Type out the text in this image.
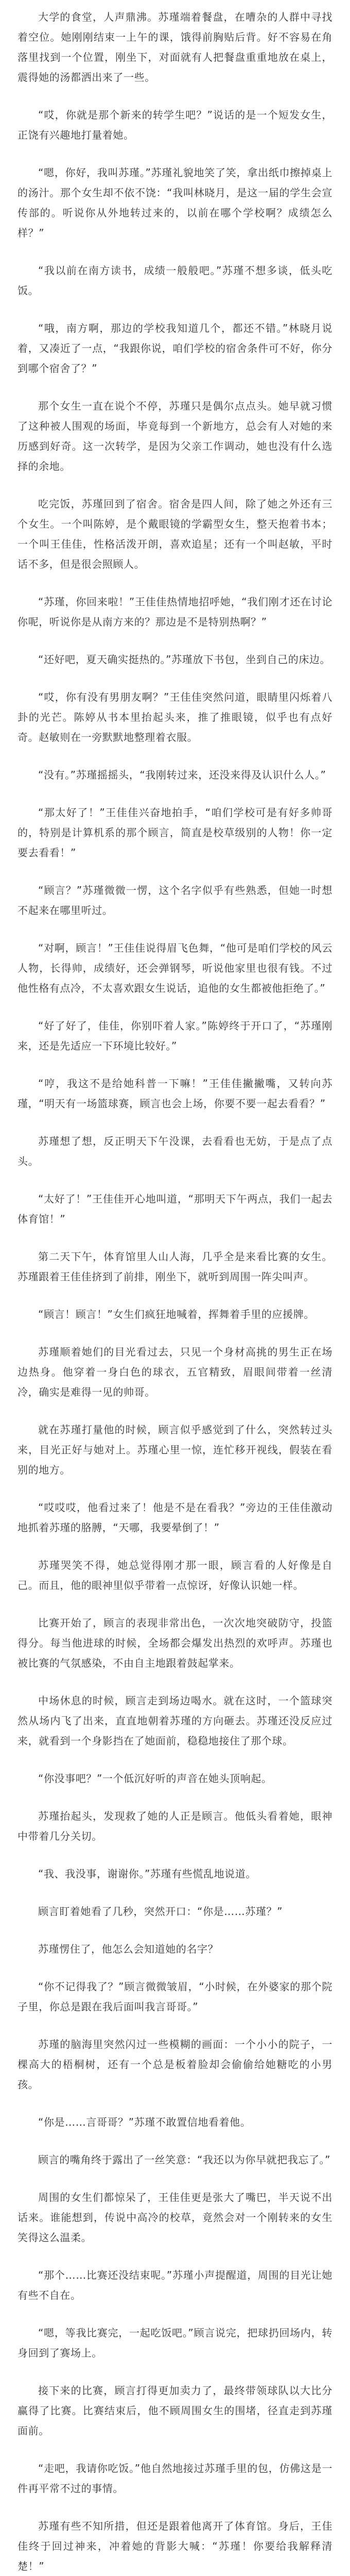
大学的食堂，人声鼎沸。苏瑾端着餐盘，在嘈杂的人群中寻找着空位。她刚刚结束一上午的课，饿得前胸贴后背。好不容易在角落里找到一个位置，刚坐下，对面就有人把餐盘重重地放在桌上，震得她的汤都洒出来了一些。

“哎，你就是那个新来的转学生吧？”说话的是一个短发女生，正饶有兴趣地打量着她。

“嗯，你好，我叫苏瑾。”苏瑾礼貌地笑了笑，拿出纸巾擦掉桌上的汤汁。那个女生却不依不饶：“我叫林晓月，是这一届的学生会宣传部的。听说你从外地转过来的，以前在哪个学校啊？成绩怎么样？”

“我以前在南方读书，成绩一般般吧。”苏瑾不想多谈，低头吃饭。

“哦，南方啊，那边的学校我知道几个，都还不错。”林晓月说着，又凑近了一点，“我跟你说，咱们学校的宿舍条件可不好，你分到哪个宿舍了？”

那个女生一直在说个不停，苏瑾只是偶尔点点头。她早就习惯了这种被人围观的场面，毕竟每到一个新地方，总会有人对她的来历感到好奇。这一次转学，是因为父亲工作调动，她也没有什么选择的余地。

吃完饭，苏瑾回到了宿舍。宿舍是四人间，除了她之外还有三个女生。一个叫陈婷，是个戴眼镜的学霸型女生，整天抱着书本；一个叫王佳佳，性格活泼开朗，喜欢追星；还有一个叫赵敏，平时话不多，但是很会照顾人。

“苏瑾，你回来啦！”王佳佳热情地招呼她，“我们刚才还在讨论你呢，听说你是从南方来的？那边是不是特别热啊？”

“还好吧，夏天确实挺热的。”苏瑾放下书包，坐到自己的床边。

“哎，你有没有男朋友啊？”王佳佳突然问道，眼睛里闪烁着八卦的光芒。陈婷从书本里抬起头来，推了推眼镜，似乎也有点好奇。赵敏则在一旁默默地整理着衣服。

“没有。”苏瑾摇摇头，“我刚转过来，还没来得及认识什么人。”

“那太好了！”王佳佳兴奋地拍手，“咱们学校可是有好多帅哥的，特别是计算机系的那个顾言，简直是校草级别的人物！你一定要去看看！”

“顾言？”苏瑾微微一愣，这个名字似乎有些熟悉，但她一时想不起来在哪里听过。

“对啊，顾言！”王佳佳说得眉飞色舞，“他可是咱们学校的风云人物，长得帅，成绩好，还会弹钢琴，听说他家里也很有钱。不过他性格有点冷，不太喜欢跟女生说话，追他的女生都被他拒绝了。”

“好了好了，佳佳，你别吓着人家。”陈婷终于开口了，“苏瑾刚来，还是先适应一下环境比较好。”

“哼，我这不是给她科普一下嘛！”王佳佳撇撇嘴，又转向苏瑾，“明天有一场篮球赛，顾言也会上场，你要不要一起去看看？”

苏瑾想了想，反正明天下午没课，去看看也无妨，于是点了点头。

“太好了！”王佳佳开心地叫道，“那明天下午两点，我们一起去体育馆！”

第二天下午，体育馆里人山人海，几乎全是来看比赛的女生。苏瑾跟着王佳佳挤到了前排，刚坐下，就听到周围一阵尖叫声。

“顾言！顾言！”女生们疯狂地喊着，挥舞着手里的应援牌。

苏瑾顺着她们的目光看过去，只见一个身材高挑的男生正在场边热身。他穿着一身白色的球衣，五官精致，眉眼间带着一丝清冷，确实是难得一见的帅哥。

就在苏瑾打量他的时候，顾言似乎感觉到了什么，突然转过头来，目光正好与她对上。苏瑾心里一惊，连忙移开视线，假装在看别的地方。

“哎哎哎，他看过来了！他是不是在看我？”旁边的王佳佳激动地抓着苏瑾的胳膊，“天哪，我要晕倒了！”

苏瑾哭笑不得，她总觉得刚才那一眼，顾言看的人好像是自己。而且，他的眼神里似乎带着一点惊讶，好像认识她一样。

比赛开始了，顾言的表现非常出色，一次次地突破防守，投篮得分。每当他进球的时候，全场都会爆发出热烈的欢呼声。苏瑾也被比赛的气氛感染，不由自主地跟着鼓起掌来。

中场休息的时候，顾言走到场边喝水。就在这时，一个篮球突然从场内飞了出来，直直地朝着苏瑾的方向砸去。苏瑾还没反应过来，就看到一个身影挡在了她面前，稳稳地接住了那个球。

“你没事吧？”一个低沉好听的声音在她头顶响起。

苏瑾抬起头，发现救了她的人正是顾言。他低头看着她，眼神中带着几分关切。

“我、我没事，谢谢你。”苏瑾有些慌乱地说道。

顾言盯着她看了几秒，突然开口：“你是……苏瑾？”

苏瑾愣住了，他怎么会知道她的名字？

“你不记得我了？”顾言微微皱眉，“小时候，在外婆家的那个院子里，你总是跟在我后面叫我言哥哥。”

苏瑾的脑海里突然闪过一些模糊的画面：一个小小的院子，一棵高大的梧桐树，还有一个总是板着脸却会偷偷给她糖吃的小男孩。

“你是……言哥哥？”苏瑾不敢置信地看着他。

顾言的嘴角终于露出了一丝笑意：“我还以为你早就把我忘了。”

周围的女生们都惊呆了，王佳佳更是张大了嘴巴，半天说不出话来。谁能想到，传说中高冷的校草，竟然会对一个刚转来的女生笑得这么温柔。

“那个……比赛还没结束呢。”苏瑾小声提醒道，周围的目光让她有些不自在。

“嗯，等我比赛完，一起吃饭吧。”顾言说完，把球扔回场内，转身回到了赛场上。

接下来的比赛，顾言打得更加卖力了，最终带领球队以大比分赢得了比赛。比赛结束后，他不顾周围女生的围堵，径直走到苏瑾面前。

“走吧，我请你吃饭。”他自然地接过苏瑾手里的包，仿佛这是一件再平常不过的事情。

苏瑾有些不知所措，但还是跟着他离开了体育馆。身后，王佳佳终于回过神来，冲着她的背影大喊：“苏瑾！你要给我解释清楚！”
